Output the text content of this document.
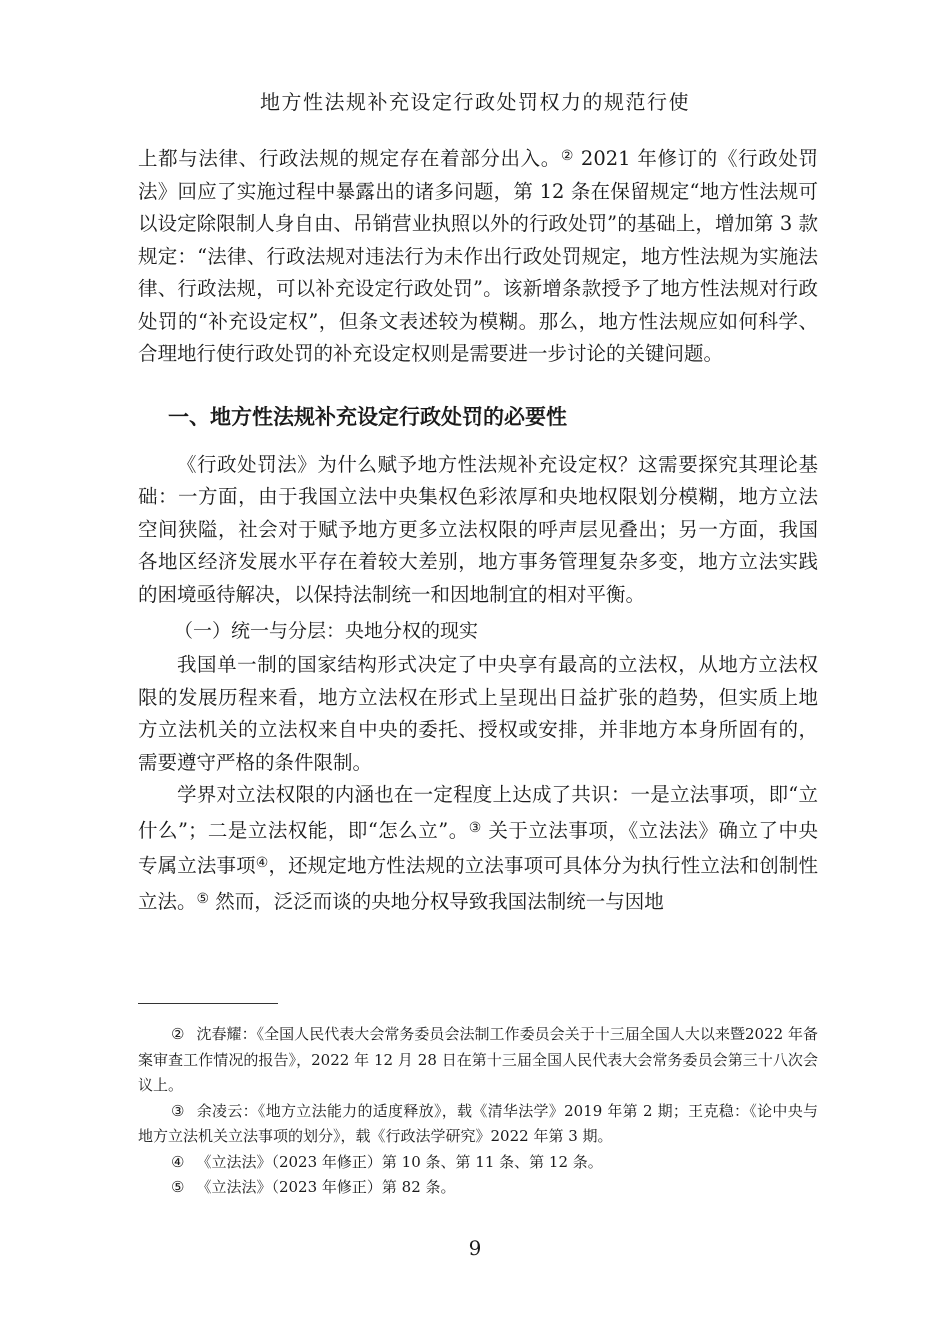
地方性法规补充设定行政处罚权力的规范行使

上都与法律、行政法规的规定存在着部分出入。② 2021 年修订的《行政处罚法》回应了实施过程中暴露出的诸多问题，第 12 条在保留规定“地方性法规可以设定除限制人身自由、吊销营业执照以外的行政处罚”的基础上，增加第 3 款规定：“法律、行政法规对违法行为未作出行政处罚规定，地方性法规为实施法律、行政法规，可以补充设定行政处罚”。该新增条款授予了地方性法规对行政处罚的“补充设定权”，但条文表述较为模糊。那么，地方性法规应如何科学、合理地行使行政处罚的补充设定权则是需要进一步讨论的关键问题。

一、地方性法规补充设定行政处罚的必要性

《行政处罚法》为什么赋予地方性法规补充设定权？这需要探究其理论基础：一方面，由于我国立法中央集权色彩浓厚和央地权限划分模糊，地方立法空间狭隘，社会对于赋予地方更多立法权限的呼声层见叠出；另一方面，我国各地区经济发展水平存在着较大差别，地方事务管理复杂多变，地方立法实践的困境亟待解决，以保持法制统一和因地制宜的相对平衡。

（一）统一与分层：央地分权的现实

我国单一制的国家结构形式决定了中央享有最高的立法权，从地方立法权限的发展历程来看，地方立法权在形式上呈现出日益扩张的趋势，但实质上地方立法机关的立法权来自中央的委托、授权或安排，并非地方本身所固有的，需要遵守严格的条件限制。

学界对立法权限的内涵也在一定程度上达成了共识：一是立法事项，即“立什么”；二是立法权能，即“怎么立”。③ 关于立法事项，《立法法》确立了中央专属立法事项④，还规定地方性法规的立法事项可具体分为执行性立法和创制性立法。⑤ 然而，泛泛而谈的央地分权导致我国法制统一与因地

② 沈春耀：《全国人民代表大会常务委员会法制工作委员会关于十三届全国人大以来暨2022 年备案审查工作情况的报告》，2022 年 12 月 28 日在第十三届全国人民代表大会常务委员会第三十八次会议上。

③ 余凌云：《地方立法能力的适度释放》，载《清华法学》2019 年第 2 期；王克稳：《论中央与地方立法机关立法事项的划分》，载《行政法学研究》2022 年第 3 期。

④ 《立法法》（2023 年修正）第 10 条、第 11 条、第 12 条。

⑤ 《立法法》（2023 年修正）第 82 条。

9
